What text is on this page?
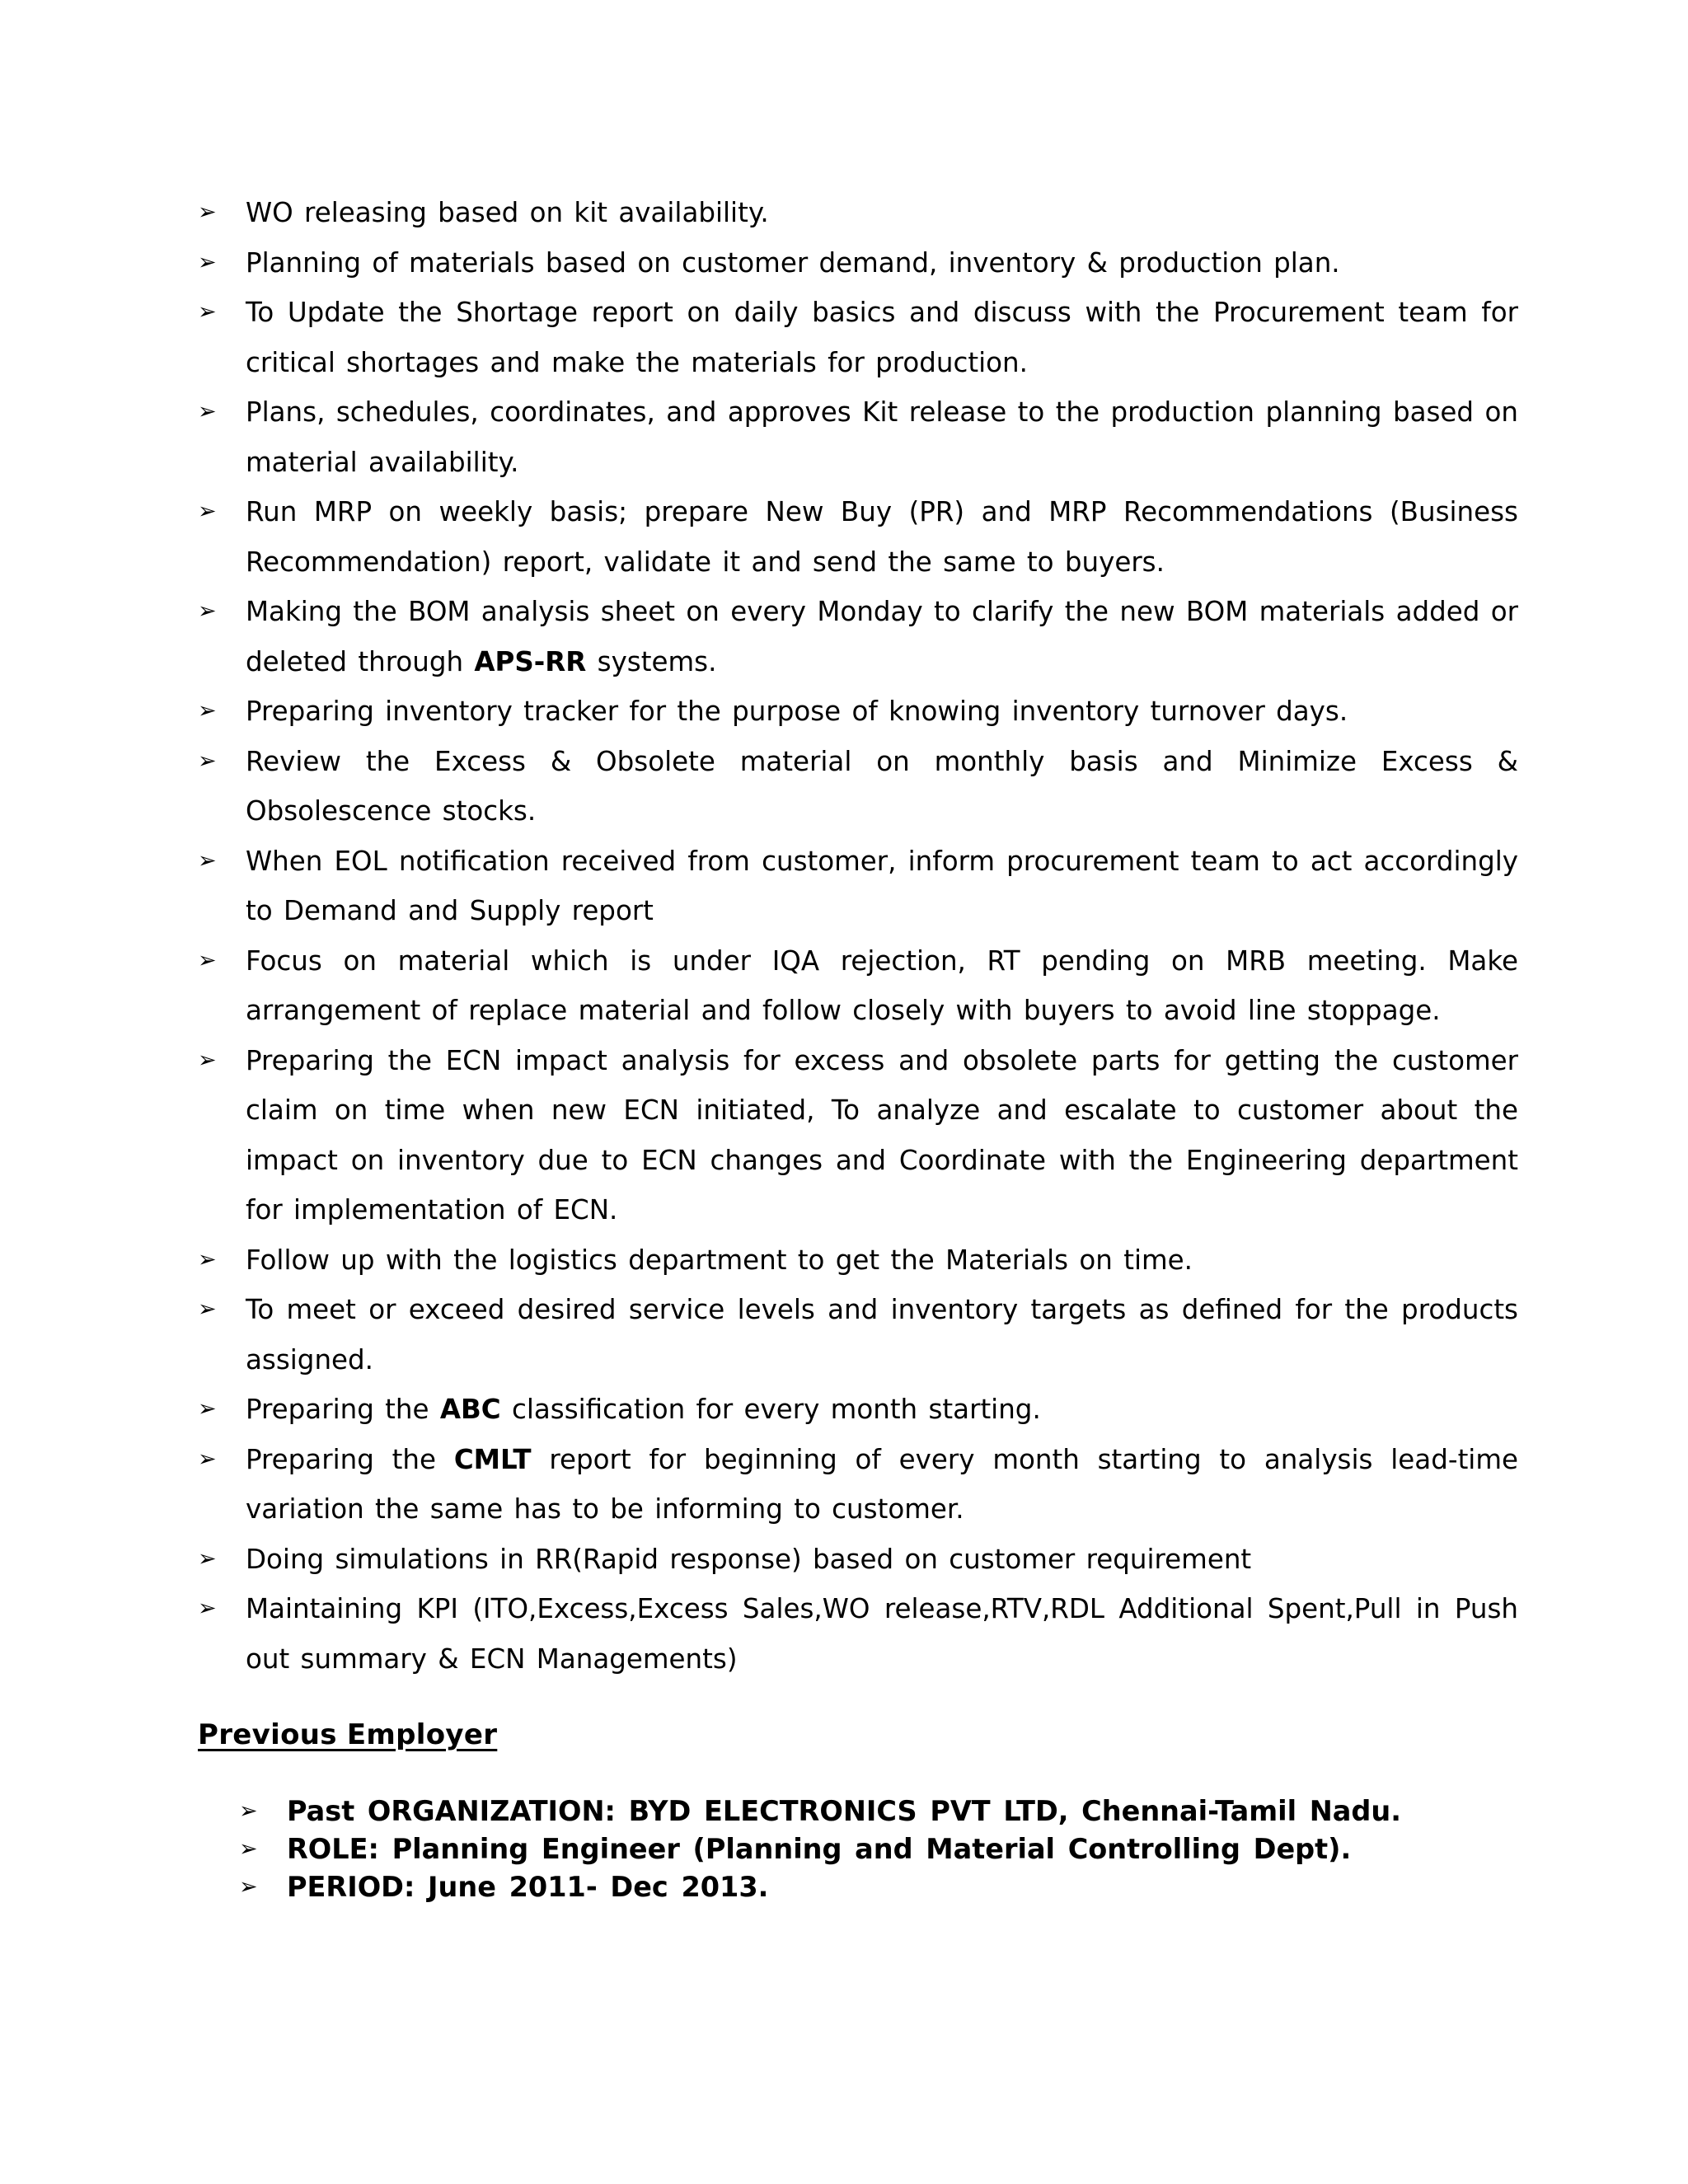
➢ WO releasing based on kit availability.
➢ Planning of materials based on customer demand, inventory & production plan.
➢ To Update the Shortage report on daily basics and discuss with the Procurement team for critical shortages and make the materials for production.
➢ Plans, schedules, coordinates, and approves Kit release to the production planning based on material availability.
➢ Run MRP on weekly basis; prepare New Buy (PR) and MRP Recommendations (Business Recommendation) report, validate it and send the same to buyers.
➢ Making the BOM analysis sheet on every Monday to clarify the new BOM materials added or deleted through APS-RR systems.
➢ Preparing inventory tracker for the purpose of knowing inventory turnover days.
➢ Review the Excess & Obsolete material on monthly basis and Minimize Excess & Obsolescence stocks.
➢ When EOL notification received from customer, inform procurement team to act accordingly to Demand and Supply report
➢ Focus on material which is under IQA rejection, RT pending on MRB meeting. Make arrangement of replace material and follow closely with buyers to avoid line stoppage.
➢ Preparing the ECN impact analysis for excess and obsolete parts for getting the customer claim on time when new ECN initiated, To analyze and escalate to customer about the impact on inventory due to ECN changes and Coordinate with the Engineering department for implementation of ECN.
➢ Follow up with the logistics department to get the Materials on time.
➢ To meet or exceed desired service levels and inventory targets as defined for the products assigned.
➢ Preparing the ABC classification for every month starting.
➢ Preparing the CMLT report for beginning of every month starting to analysis lead-time variation the same has to be informing to customer.
➢ Doing simulations in RR(Rapid response) based on customer requirement
➢ Maintaining KPI (ITO,Excess,Excess Sales,WO release,RTV,RDL Additional Spent,Pull in Push out summary & ECN Managements)
Previous Employer
➢ Past ORGANIZATION: BYD ELECTRONICS PVT LTD, Chennai-Tamil Nadu.
➢ ROLE: Planning Engineer (Planning and Material Controlling Dept).
➢ PERIOD: June 2011- Dec 2013.
